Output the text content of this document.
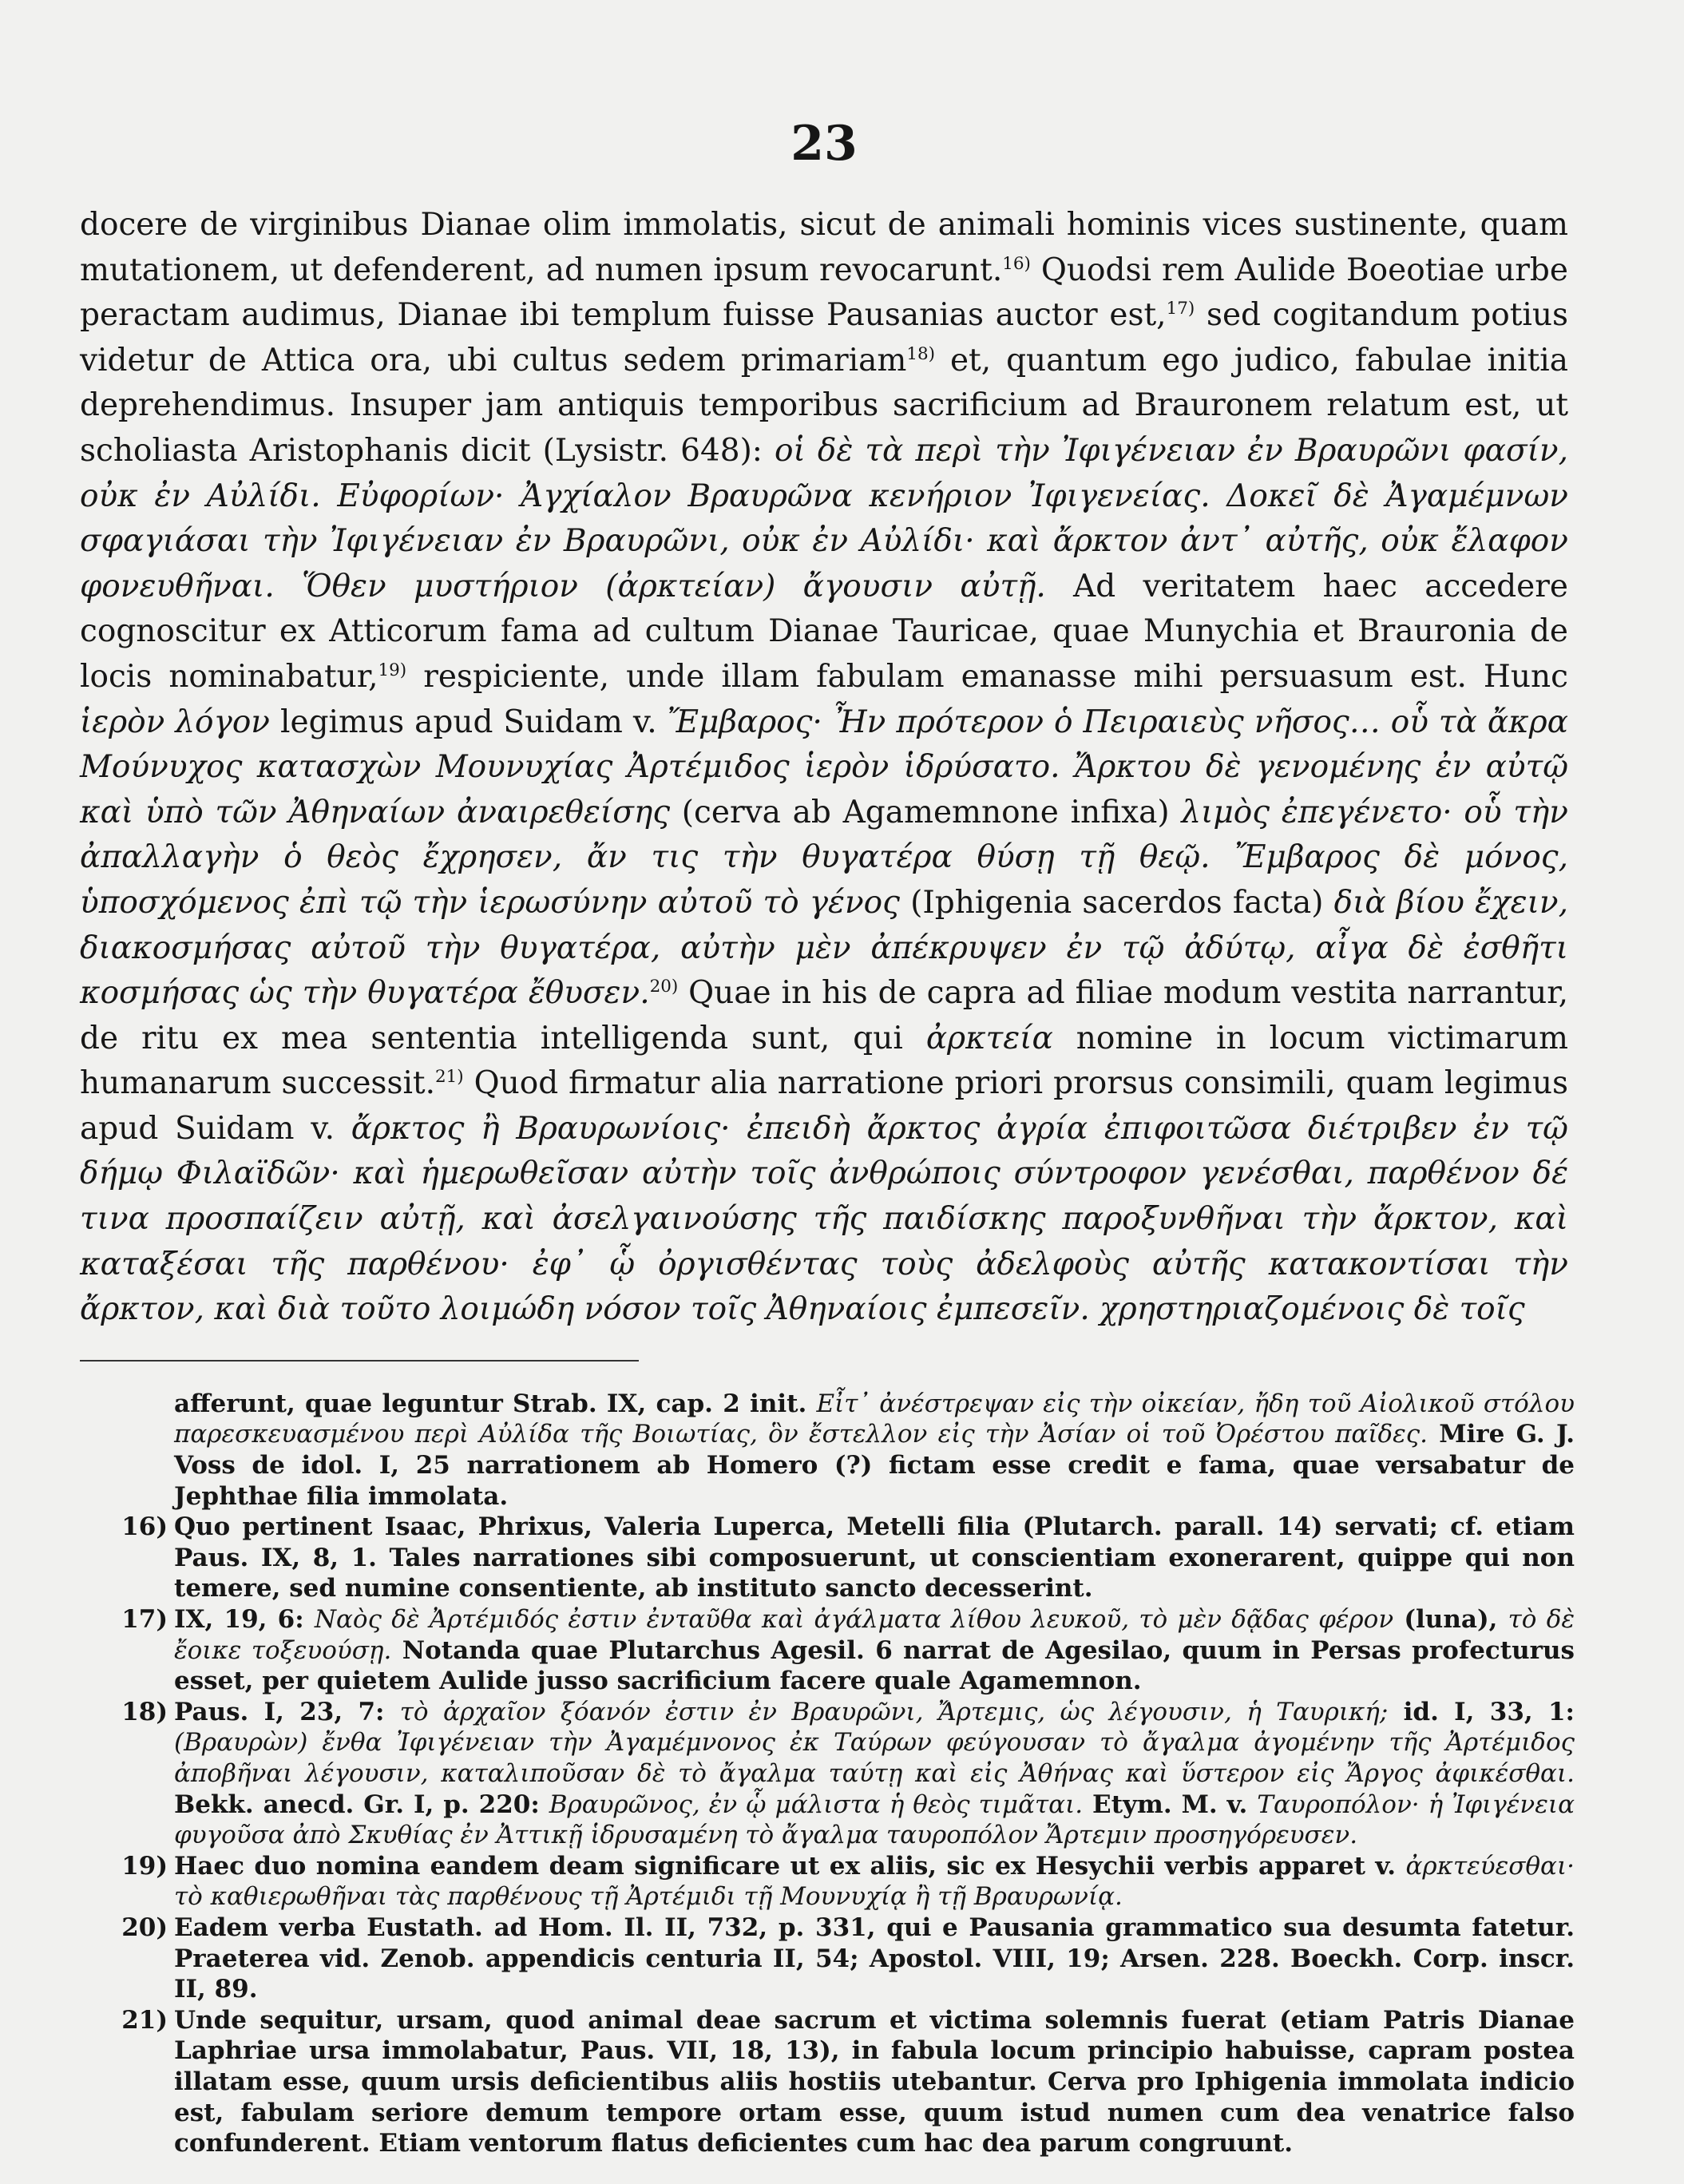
23

docere de virginibus Dianae olim immolatis, sicut de animali hominis vices sustinente, quam mutationem, ut defenderent, ad numen ipsum revocarunt.$^{16)}$ Quodsi rem Aulide Boeotiae urbe peractam audimus, Dianae ibi templum fuisse Pausanias auctor est,$^{17)}$ sed cogitandum potius videtur de Attica ora, ubi cultus sedem primariam$^{18)}$ et, quantum ego judico, fabulae initia deprehendimus. Insuper jam antiquis temporibus sacrificium ad Brauronem relatum est, ut scholiasta Aristophanis dicit (Lysistr. 648): οἱ δὲ τὰ περὶ τὴν Ἰφιγένειαν ἐν Βραυρῶνι φασίν, οὐκ ἐν Αὐλίδι. Εὐφορίων· Ἀγχίαλον Βραυρῶνα κενήριον Ἰφιγενείας. Δοκεῖ δὲ Ἀγαμέμνων σφαγιάσαι τὴν Ἰφιγένειαν ἐν Βραυρῶνι, οὐκ ἐν Αὐλίδι· καὶ ἄρκτον ἀντ᾽ αὐτῆς, οὐκ ἔλαφον φονευθῆναι. Ὅθεν μυστήριον (ἀρκτείαν) ἄγουσιν αὐτῇ. Ad veritatem haec accedere cognoscitur ex Atticorum fama ad cultum Dianae Tauricae, quae Munychia et Brauronia de locis nominabatur,$^{19)}$ respiciente, unde illam fabulam emanasse mihi persuasum est. Hunc ἱερὸν λόγον legimus apud Suidam v. Ἔμβαρος· Ἦν πρότερον ὁ Πειραιεὺς νῆσος… οὗ τὰ ἄκρα Μούνυχος κατασχὼν Μουνυχίας Ἀρτέμιδος ἱερὸν ἱδρύσατο. Ἄρκτου δὲ γενομένης ἐν αὐτῷ καὶ ὑπὸ τῶν Ἀθηναίων ἀναιρεθείσης (cerva ab Agamemnone infixa) λιμὸς ἐπεγένετο· οὗ τὴν ἀπαλλαγὴν ὁ θεὸς ἔχρησεν, ἄν τις τὴν θυγατέρα θύσῃ τῇ θεῷ. Ἔμβαρος δὲ μόνος, ὑποσχόμενος ἐπὶ τῷ τὴν ἱερωσύνην αὐτοῦ τὸ γένος (Iphigenia sacerdos facta) διὰ βίου ἔχειν, διακοσμήσας αὐτοῦ τὴν θυγατέρα, αὐτὴν μὲν ἀπέκρυψεν ἐν τῷ ἀδύτῳ, αἶγα δὲ ἐσθῆτι κοσμήσας ὡς τὴν θυγατέρα ἔθυσεν.$^{20)}$ Quae in his de capra ad filiae modum vestita narrantur, de ritu ex mea sententia intelligenda sunt, qui ἀρκτεία nomine in locum victimarum humanarum successit.$^{21)}$ Quod firmatur alia narratione priori prorsus consimili, quam legimus apud Suidam v. ἄρκτος ἢ Βραυρωνίοις· ἐπειδὴ ἄρκτος ἀγρία ἐπιφοιτῶσα διέτριβεν ἐν τῷ δήμῳ Φιλαϊδῶν· καὶ ἡμερωθεῖσαν αὐτὴν τοῖς ἀνθρώποις σύντροφον γενέσθαι, παρθένον δέ τινα προσπαίζειν αὐτῇ, καὶ ἀσελγαινούσης τῆς παιδίσκης παροξυνθῆναι τὴν ἄρκτον, καὶ καταξέσαι τῆς παρθένου· ἐφ᾽ ᾧ ὀργισθέντας τοὺς ἀδελφοὺς αὐτῆς κατακοντίσαι τὴν ἄρκτον, καὶ διὰ τοῦτο λοιμώδη νόσον τοῖς Ἀθηναίοις ἐμπεσεῖν. χρηστηριαζομένοις δὲ τοῖς

afferunt, quae leguntur Strab. IX, cap. 2 init. Εἶτ᾽ ἀνέστρεψαν εἰς τὴν οἰκείαν, ἤδη τοῦ Αἰολικοῦ στόλου παρεσκευασμένου περὶ Αὐλίδα τῆς Βοιωτίας, ὃν ἔστελλον εἰς τὴν Ἀσίαν οἱ τοῦ Ὀρέστου παῖδες. Mire G. J. Voss de idol. I, 25 narrationem ab Homero (?) fictam esse credit e fama, quae versabatur de Jephthae filia immolata.
16) Quo pertinent Isaac, Phrixus, Valeria Luperca, Metelli filia (Plutarch. parall. 14) servati; cf. etiam Paus. IX, 8, 1. Tales narrationes sibi composuerunt, ut conscientiam exonerarent, quippe qui non temere, sed numine consentiente, ab instituto sancto decesserint.
17) IX, 19, 6: Ναὸς δὲ Ἀρτέμιδός ἐστιν ἐνταῦθα καὶ ἀγάλματα λίθου λευκοῦ, τὸ μὲν δᾷδας φέρον (luna), τὸ δὲ ἔοικε τοξευούσῃ. Notanda quae Plutarchus Agesil. 6 narrat de Agesilao, quum in Persas profecturus esset, per quietem Aulide jusso sacrificium facere quale Agamemnon.
18) Paus. I, 23, 7: τὸ ἀρχαῖον ξόανόν ἐστιν ἐν Βραυρῶνι, Ἄρτεμις, ὡς λέγουσιν, ἡ Ταυρική; id. I, 33, 1: (Βραυρὼν) ἔνθα Ἰφιγένειαν τὴν Ἀγαμέμνονος ἐκ Ταύρων φεύγουσαν τὸ ἄγαλμα ἀγομένην τῆς Ἀρτέμιδος ἀποβῆναι λέγουσιν, καταλιποῦσαν δὲ τὸ ἄγαλμα ταύτῃ καὶ εἰς Ἀθήνας καὶ ὕστερον εἰς Ἄργος ἀφικέσθαι. Bekk. anecd. Gr. I, p. 220: Βραυρῶνος, ἐν ᾧ μάλιστα ἡ θεὸς τιμᾶται. Etym. M. v. Ταυροπόλον· ἡ Ἰφιγένεια φυγοῦσα ἀπὸ Σκυθίας ἐν Ἀττικῇ ἱδρυσαμένη τὸ ἄγαλμα ταυροπόλον Ἄρτεμιν προσηγόρευσεν.
19) Haec duo nomina eandem deam significare ut ex aliis, sic ex Hesychii verbis apparet v. ἀρκτεύεσθαι· τὸ καθιερωθῆναι τὰς παρθένους τῇ Ἀρτέμιδι τῇ Μουνυχίᾳ ἢ τῇ Βραυρωνίᾳ.
20) Eadem verba Eustath. ad Hom. Il. II, 732, p. 331, qui e Pausania grammatico sua desumta fatetur. Praeterea vid. Zenob. appendicis centuria II, 54; Apostol. VIII, 19; Arsen. 228. Boeckh. Corp. inscr. II, 89.
21) Unde sequitur, ursam, quod animal deae sacrum et victima solemnis fuerat (etiam Patris Dianae Laphriae ursa immolabatur, Paus. VII, 18, 13), in fabula locum principio habuisse, capram postea illatam esse, quum ursis deficientibus aliis hostiis utebantur. Cerva pro Iphigenia immolata indicio est, fabulam seriore demum tempore ortam esse, quum istud numen cum dea venatrice falso confunderent. Etiam ventorum flatus deficientes cum hac dea parum congruunt.
